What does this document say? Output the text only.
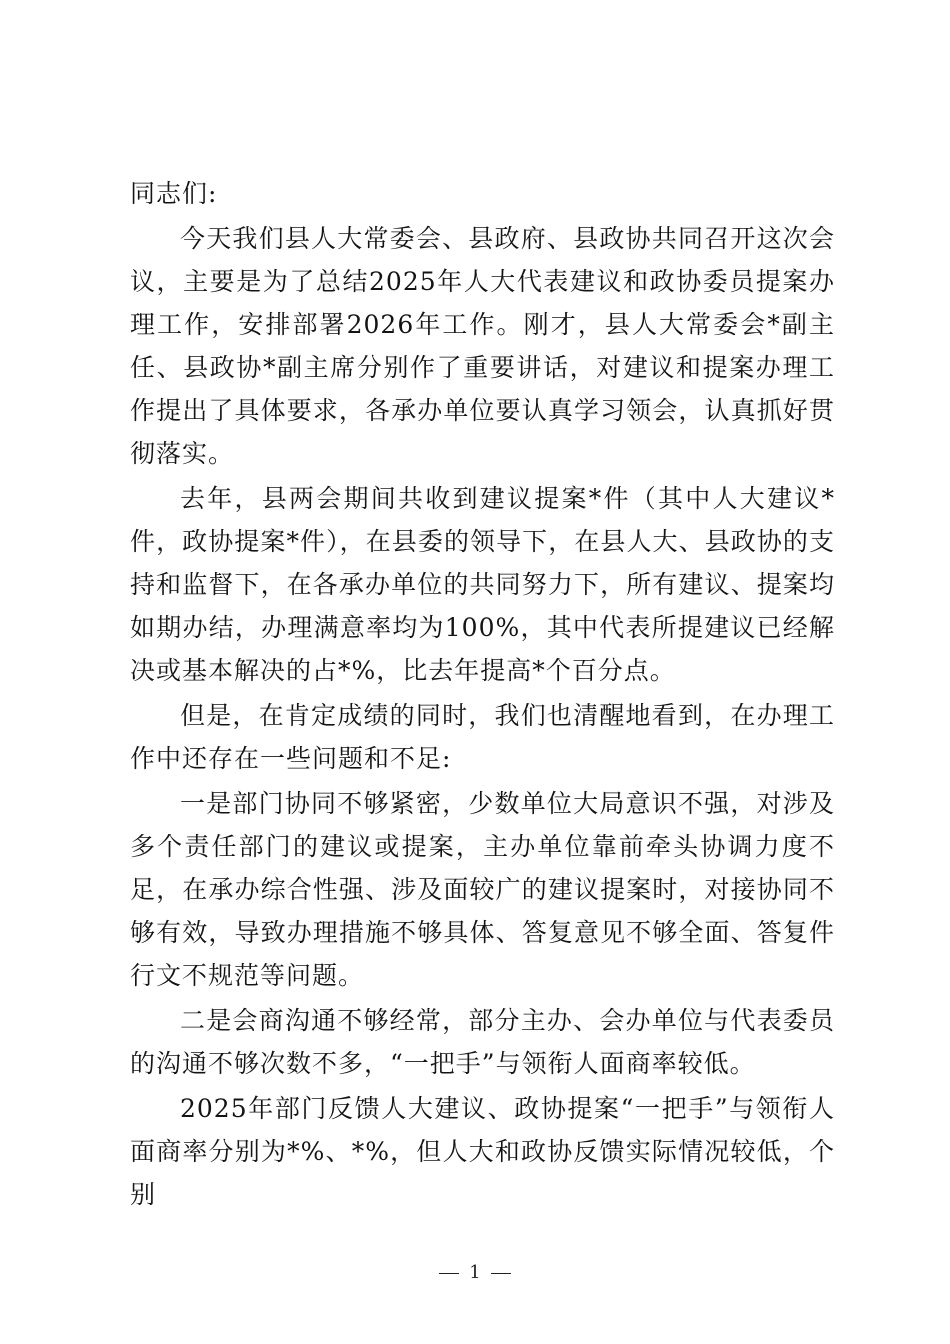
同志们:

今天我们县人大常委会、县政府、县政协共同召开这次会议，主要是为了总结2025年人大代表建议和政协委员提案办理工作，安排部署2026年工作。刚才，县人大常委会*副主任、县政协*副主席分别作了重要讲话，对建议和提案办理工作提出了具体要求，各承办单位要认真学习领会，认真抓好贯彻落实。

去年，县两会期间共收到建议提案*件（其中人大建议*件，政协提案*件），在县委的领导下，在县人大、县政协的支持和监督下，在各承办单位的共同努力下，所有建议、提案均如期办结，办理满意率均为100%，其中代表所提建议已经解决或基本解决的占*%，比去年提高*个百分点。

但是，在肯定成绩的同时，我们也清醒地看到，在办理工作中还存在一些问题和不足:

一是部门协同不够紧密，少数单位大局意识不强，对涉及多个责任部门的建议或提案，主办单位靠前牵头协调力度不足，在承办综合性强、涉及面较广的建议提案时，对接协同不够有效，导致办理措施不够具体、答复意见不够全面、答复件行文不规范等问题。

二是会商沟通不够经常，部分主办、会办单位与代表委员的沟通不够次数不多，“一把手”与领衔人面商率较低。

2025年部门反馈人大建议、政协提案“一把手”与领衔人面商率分别为*%、*%，但人大和政协反馈实际情况较低，个别

1
